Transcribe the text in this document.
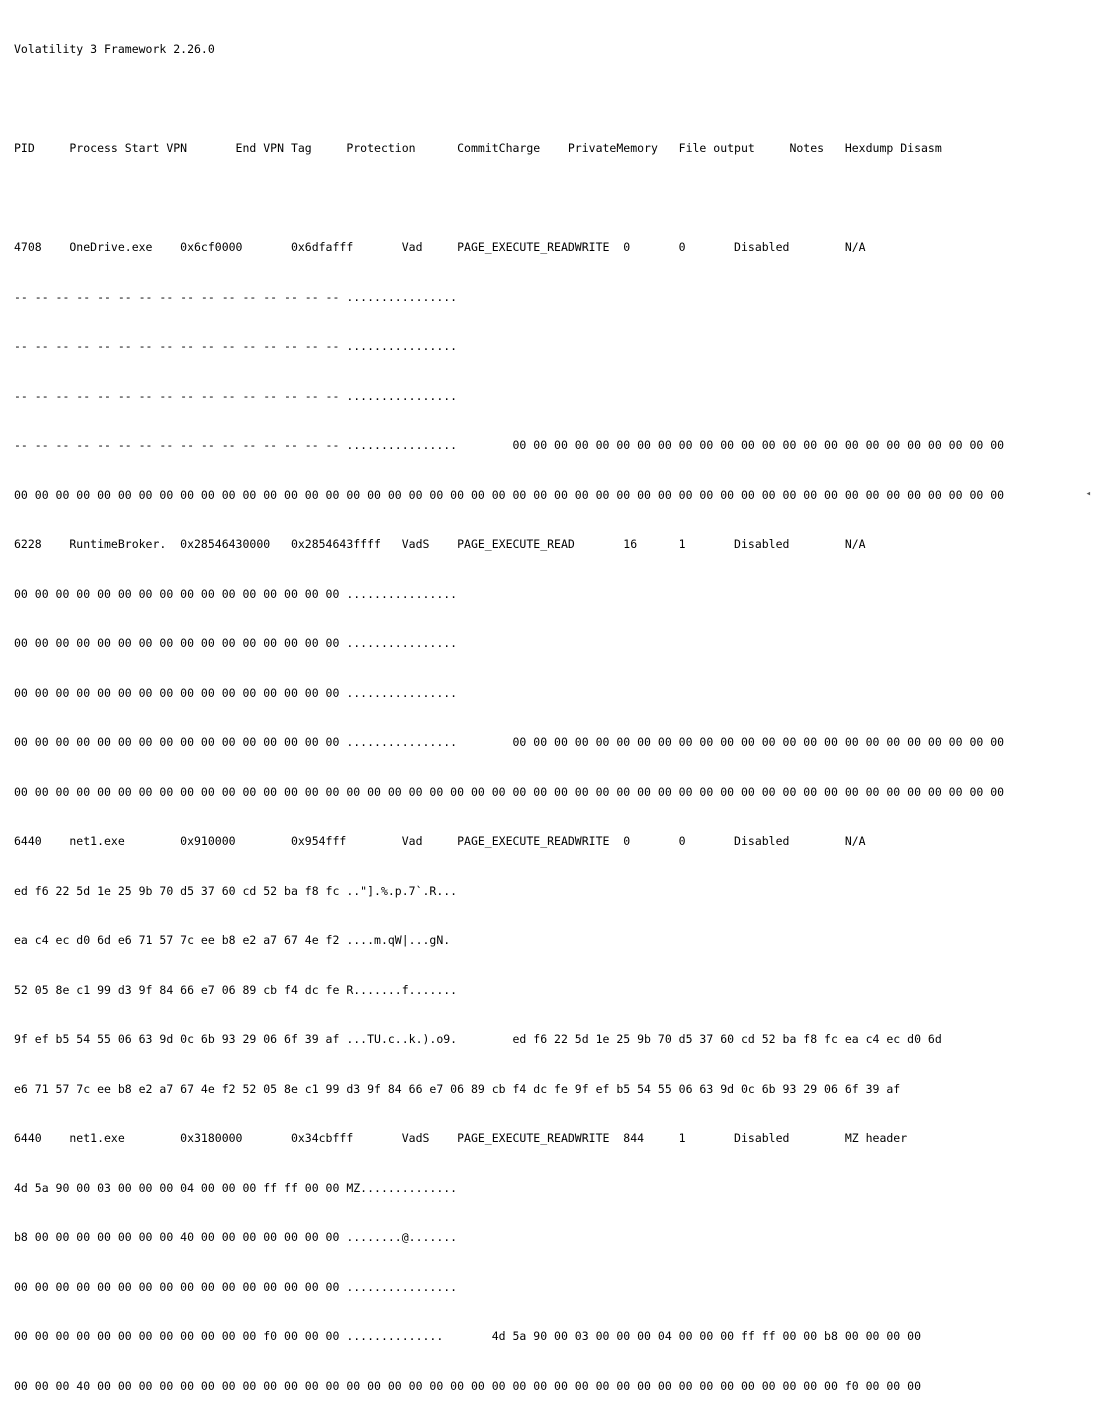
Volatility 3 Framework 2.26.0

PID     Process Start VPN       End VPN Tag     Protection      CommitCharge    PrivateMemory   File output     Notes   Hexdump Disasm

4708    OneDrive.exe    0x6cf0000       0x6dfafff       Vad     PAGE_EXECUTE_READWRITE  0       0       Disabled        N/A

-- -- -- -- -- -- -- -- -- -- -- -- -- -- -- -- ................

-- -- -- -- -- -- -- -- -- -- -- -- -- -- -- -- ................

-- -- -- -- -- -- -- -- -- -- -- -- -- -- -- -- ................

-- -- -- -- -- -- -- -- -- -- -- -- -- -- -- -- ................        00 00 00 00 00 00 00 00 00 00 00 00 00 00 00 00 00 00 00 00 00 00 00 00

00 00 00 00 00 00 00 00 00 00 00 00 00 00 00 00 00 00 00 00 00 00 00 00 00 00 00 00 00 00 00 00 00 00 00 00 00 00 00 00 00 00 00 00 00 00 00 00

6228    RuntimeBroker.  0x28546430000   0x2854643ffff   VadS    PAGE_EXECUTE_READ       16      1       Disabled        N/A

00 00 00 00 00 00 00 00 00 00 00 00 00 00 00 00 ................

00 00 00 00 00 00 00 00 00 00 00 00 00 00 00 00 ................

00 00 00 00 00 00 00 00 00 00 00 00 00 00 00 00 ................

00 00 00 00 00 00 00 00 00 00 00 00 00 00 00 00 ................        00 00 00 00 00 00 00 00 00 00 00 00 00 00 00 00 00 00 00 00 00 00 00 00

00 00 00 00 00 00 00 00 00 00 00 00 00 00 00 00 00 00 00 00 00 00 00 00 00 00 00 00 00 00 00 00 00 00 00 00 00 00 00 00 00 00 00 00 00 00 00 00

6440    net1.exe        0x910000        0x954fff        Vad     PAGE_EXECUTE_READWRITE  0       0       Disabled        N/A

ed f6 22 5d 1e 25 9b 70 d5 37 60 cd 52 ba f8 fc .."].%.p.7`.R...

ea c4 ec d0 6d e6 71 57 7c ee b8 e2 a7 67 4e f2 ....m.qW|...gN.

52 05 8e c1 99 d3 9f 84 66 e7 06 89 cb f4 dc fe R.......f.......

9f ef b5 54 55 06 63 9d 0c 6b 93 29 06 6f 39 af ...TU.c..k.).o9.        ed f6 22 5d 1e 25 9b 70 d5 37 60 cd 52 ba f8 fc ea c4 ec d0 6d

e6 71 57 7c ee b8 e2 a7 67 4e f2 52 05 8e c1 99 d3 9f 84 66 e7 06 89 cb f4 dc fe 9f ef b5 54 55 06 63 9d 0c 6b 93 29 06 6f 39 af

6440    net1.exe        0x3180000       0x34cbfff       VadS    PAGE_EXECUTE_READWRITE  844     1       Disabled        MZ header

4d 5a 90 00 03 00 00 00 04 00 00 00 ff ff 00 00 MZ..............

b8 00 00 00 00 00 00 00 40 00 00 00 00 00 00 00 ........@.......

00 00 00 00 00 00 00 00 00 00 00 00 00 00 00 00 ................

00 00 00 00 00 00 00 00 00 00 00 00 f0 00 00 00 ..............       4d 5a 90 00 03 00 00 00 04 00 00 00 ff ff 00 00 b8 00 00 00 00

00 00 00 40 00 00 00 00 00 00 00 00 00 00 00 00 00 00 00 00 00 00 00 00 00 00 00 00 00 00 00 00 00 00 00 00 00 00 00 00 f0 00 00 00

◂
